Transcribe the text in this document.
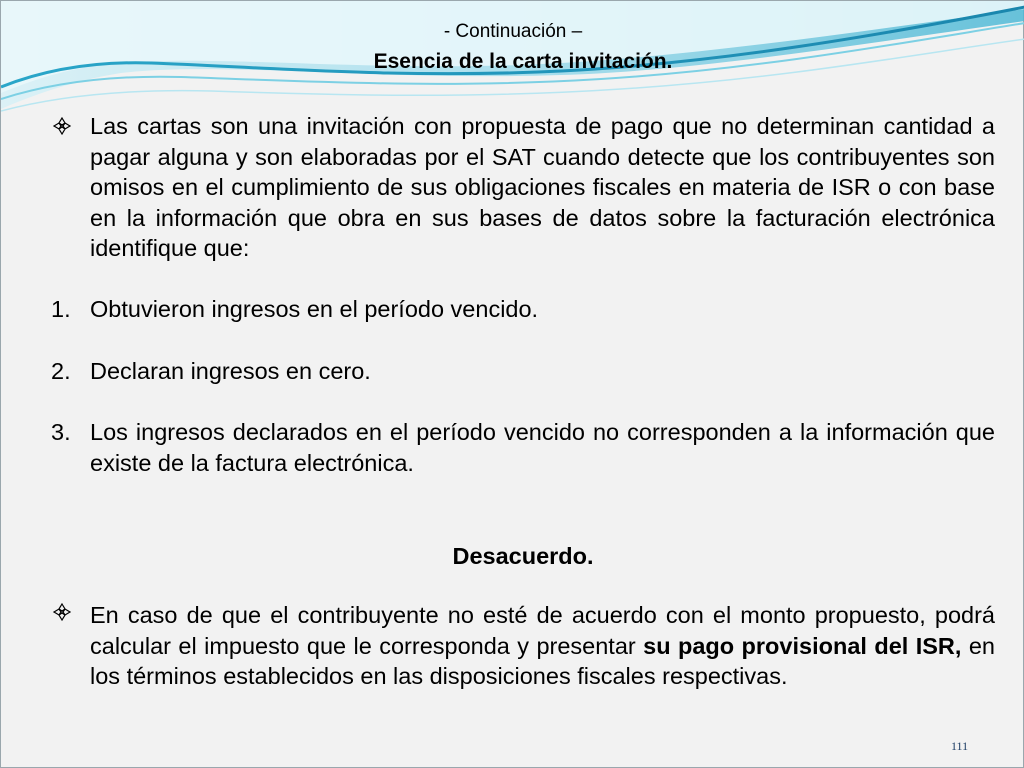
- Continuación –
Esencia de la carta invitación.
Las cartas son una invitación con propuesta de pago que no determinan cantidad a pagar alguna y son elaboradas por el SAT cuando detecte que los contribuyentes son omisos en el cumplimiento de sus obligaciones fiscales en materia de ISR o con base en la información que obra en sus bases de datos sobre la facturación electrónica identifique que:
1. Obtuvieron ingresos en el período vencido.
2. Declaran ingresos en cero.
3. Los ingresos declarados en el período vencido no corresponden a la información que existe de la factura electrónica.
Desacuerdo.
En caso de que el contribuyente no esté de acuerdo con el monto propuesto, podrá calcular el impuesto que le corresponda y presentar su pago provisional del ISR, en los términos establecidos en las disposiciones fiscales respectivas.
111
